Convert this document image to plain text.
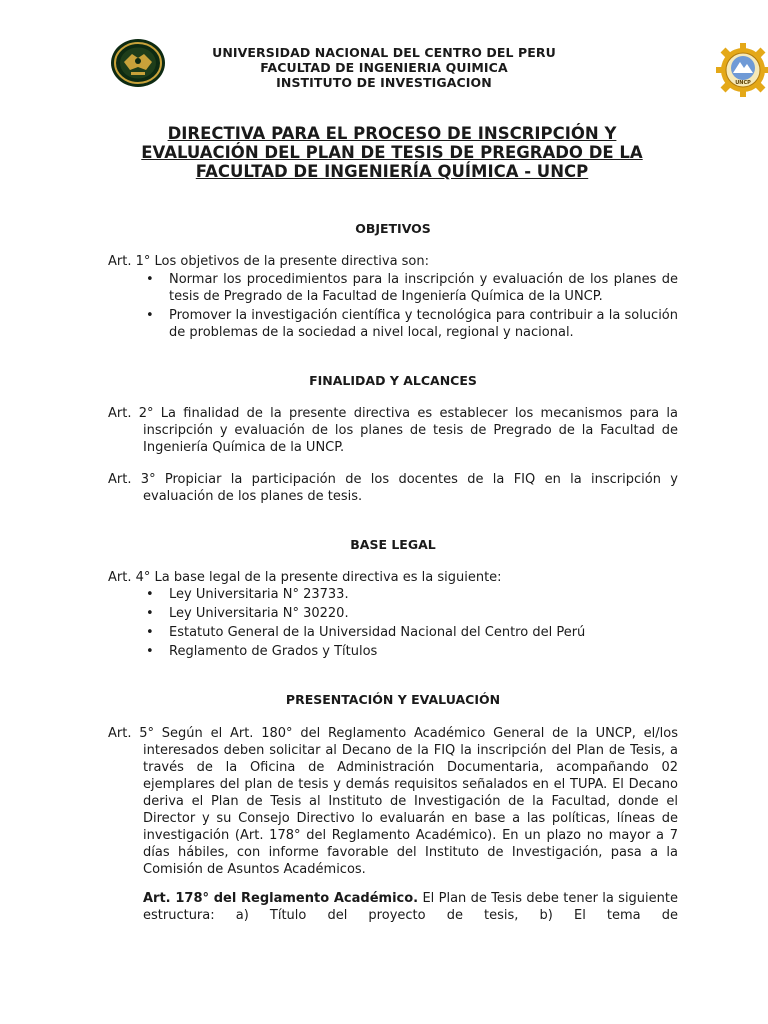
UNCP
UNIVERSIDAD NACIONAL DEL CENTRO DEL PERU
FACULTAD DE INGENIERIA QUIMICA
INSTITUTO DE INVESTIGACION
DIRECTIVA PARA EL PROCESO DE INSCRIPCIÓN Y
EVALUACIÓN DEL PLAN DE TESIS DE PREGRADO DE LA
FACULTAD DE INGENIERÍA QUÍMICA - UNCP
OBJETIVOS
Art. 1° Los objetivos de la presente directiva son:
• Normar los procedimientos para la inscripción y evaluación de los planes de tesis de Pregrado de la Facultad de Ingeniería Química de la UNCP.
• Promover la investigación científica y tecnológica para contribuir a la solución de problemas de la sociedad a nivel local, regional y nacional.
FINALIDAD Y ALCANCES
Art. 2° La finalidad de la presente directiva es establecer los mecanismos para la inscripción y evaluación de los planes de tesis de Pregrado de la Facultad de Ingeniería Química de la UNCP.
Art. 3° Propiciar la participación de los docentes de la FIQ en la inscripción y evaluación de los planes de tesis.
BASE LEGAL
Art. 4° La base legal de la presente directiva es la siguiente:
• Ley Universitaria N° 23733.
• Ley Universitaria N° 30220.
• Estatuto General de la Universidad Nacional del Centro del Perú
• Reglamento de Grados y Títulos
PRESENTACIÓN Y EVALUACIÓN
Art. 5° Según el Art. 180° del Reglamento Académico General de la UNCP, el/los interesados deben solicitar al Decano de la FIQ la inscripción del Plan de Tesis, a través de la Oficina de Administración Documentaria, acompañando 02 ejemplares del plan de tesis y demás requisitos señalados en el TUPA. El Decano deriva el Plan de Tesis al Instituto de Investigación de la Facultad, donde el Director y su Consejo Directivo lo evaluarán en base a las políticas, líneas de investigación (Art. 178° del Reglamento Académico). En un plazo no mayor a 7 días hábiles, con informe favorable del Instituto de Investigación, pasa a la Comisión de Asuntos Académicos.
Art. 178° del Reglamento Académico. El Plan de Tesis debe tener la siguiente estructura: a) Título del proyecto de tesis, b) El tema de
